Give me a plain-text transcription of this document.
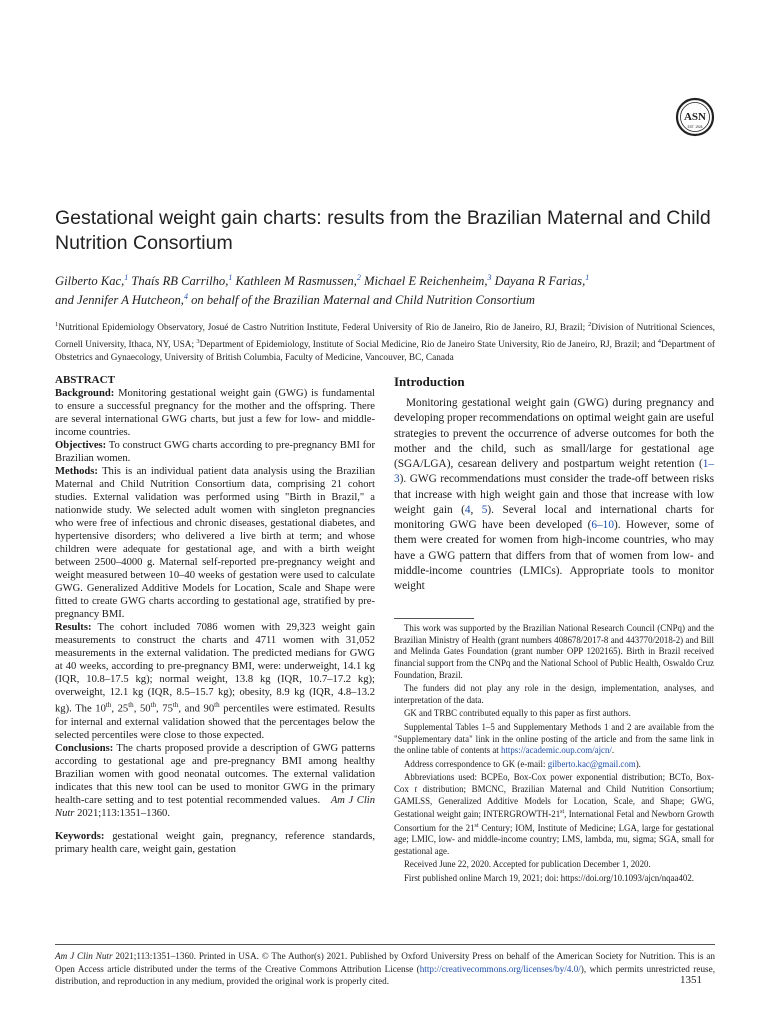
ASN
EST. 1928
Gestational weight gain charts: results from the Brazilian Maternal and Child Nutrition Consortium
Gilberto Kac,$^1$ Thaís RB Carrilho,$^1$ Kathleen M Rasmussen,$^2$ Michael E Reichenheim,$^3$ Dayana R Farias,$^1$
and Jennifer A Hutcheon,$^4$ on behalf of the Brazilian Maternal and Child Nutrition Consortium
$^1$Nutritional Epidemiology Observatory, Josué de Castro Nutrition Institute, Federal University of Rio de Janeiro, Rio de Janeiro, RJ, Brazil; $^2$Division of Nutritional Sciences, Cornell University, Ithaca, NY, USA; $^3$Department of Epidemiology, Institute of Social Medicine, Rio de Janeiro State University, Rio de Janeiro, RJ, Brazil; and $^4$Department of Obstetrics and Gynaecology, University of British Columbia, Faculty of Medicine, Vancouver, BC, Canada

ABSTRACT

Background: Monitoring gestational weight gain (GWG) is fundamental to ensure a successful pregnancy for the mother and the offspring. There are several international GWG charts, but just a few for low- and middle-income countries.

Objectives: To construct GWG charts according to pre-pregnancy BMI for Brazilian women.

Methods: This is an individual patient data analysis using the Brazilian Maternal and Child Nutrition Consortium data, comprising 21 cohort studies. External validation was performed using "Birth in Brazil," a nationwide study. We selected adult women with singleton pregnancies who were free of infectious and chronic diseases, gestational diabetes, and hypertensive disorders; who delivered a live birth at term; and whose children were adequate for gestational age, and with a birth weight between 2500–4000 g. Maternal self-reported pre-pregnancy weight and weight measured between 10–40 weeks of gestation were used to calculate GWG. Generalized Additive Models for Location, Scale and Shape were fitted to create GWG charts according to gestational age, stratified by pre-pregnancy BMI.

Results: The cohort included 7086 women with 29,323 weight gain measurements to construct the charts and 4711 women with 31,052 measurements in the external validation. The predicted medians for GWG at 40 weeks, according to pre-pregnancy BMI, were: underweight, 14.1 kg (IQR, 10.8–17.5 kg); normal weight, 13.8 kg (IQR, 10.7–17.2 kg); overweight, 12.1 kg (IQR, 8.5–15.7 kg); obesity, 8.9 kg (IQR, 4.8–13.2 kg). The 10th, 25th, 50th, 75th, and 90th percentiles were estimated. Results for internal and external validation showed that the percentages below the selected percentiles were close to those expected.

Conclusions: The charts proposed provide a description of GWG patterns according to gestational age and pre-pregnancy BMI among healthy Brazilian women with good neonatal outcomes. The external validation indicates that this new tool can be used to monitor GWG in the primary health-care setting and to test potential recommended values. Am J Clin Nutr 2021;113:1351–1360.

Keywords: gestational weight gain, pregnancy, reference standards, primary health care, weight gain, gestation

Introduction

Monitoring gestational weight gain (GWG) during pregnancy and developing proper recommendations on optimal weight gain are useful strategies to prevent the occurrence of adverse outcomes for both the mother and the child, such as small/large for gestational age (SGA/LGA), cesarean delivery and postpartum weight retention (1–3). GWG recommendations must consider the trade-off between risks that increase with high weight gain and those that increase with low weight gain (4, 5). Several local and international charts for monitoring GWG have been developed (6–10). However, some of them were created for women from high-income countries, who may have a GWG pattern that differs from that of women from low- and middle-income countries (LMICs). Appropriate tools to monitor weight

This work was supported by the Brazilian National Research Council (CNPq) and the Brazilian Ministry of Health (grant numbers 408678/2017-8 and 443770/2018-2) and Bill and Melinda Gates Foundation (grant number OPP 1202165). Birth in Brazil received financial support from the CNPq and the National School of Public Health, Oswaldo Cruz Foundation, Brazil.

The funders did not play any role in the design, implementation, analyses, and interpretation of the data.

GK and TRBC contributed equally to this paper as first authors.

Supplemental Tables 1–5 and Supplementary Methods 1 and 2 are available from the "Supplementary data" link in the online posting of the article and from the same link in the online table of contents at https://academic.oup.com/ajcn/.

Address correspondence to GK (e-mail: gilberto.kac@gmail.com).

Abbreviations used: BCPEo, Box-Cox power exponential distribution; BCTo, Box-Cox t distribution; BMCNC, Brazilian Maternal and Child Nutrition Consortium; GAMLSS, Generalized Additive Models for Location, Scale, and Shape; GWG, Gestational weight gain; INTERGROWTH-21st, International Fetal and Newborn Growth Consortium for the 21st Century; IOM, Institute of Medicine; LGA, large for gestational age; LMIC, low- and middle-income country; LMS, lambda, mu, sigma; SGA, small for gestational age.

Received June 22, 2020. Accepted for publication December 1, 2020.

First published online March 19, 2021; doi: https://doi.org/10.1093/ajcn/nqaa402.

Am J Clin Nutr 2021;113:1351–1360. Printed in USA. © The Author(s) 2021. Published by Oxford University Press on behalf of the American Society for Nutrition. This is an Open Access article distributed under the terms of the Creative Commons Attribution License (http://creativecommons.org/licenses/by/4.0/), which permits unrestricted reuse, distribution, and reproduction in any medium, provided the original work is properly cited.	1351
